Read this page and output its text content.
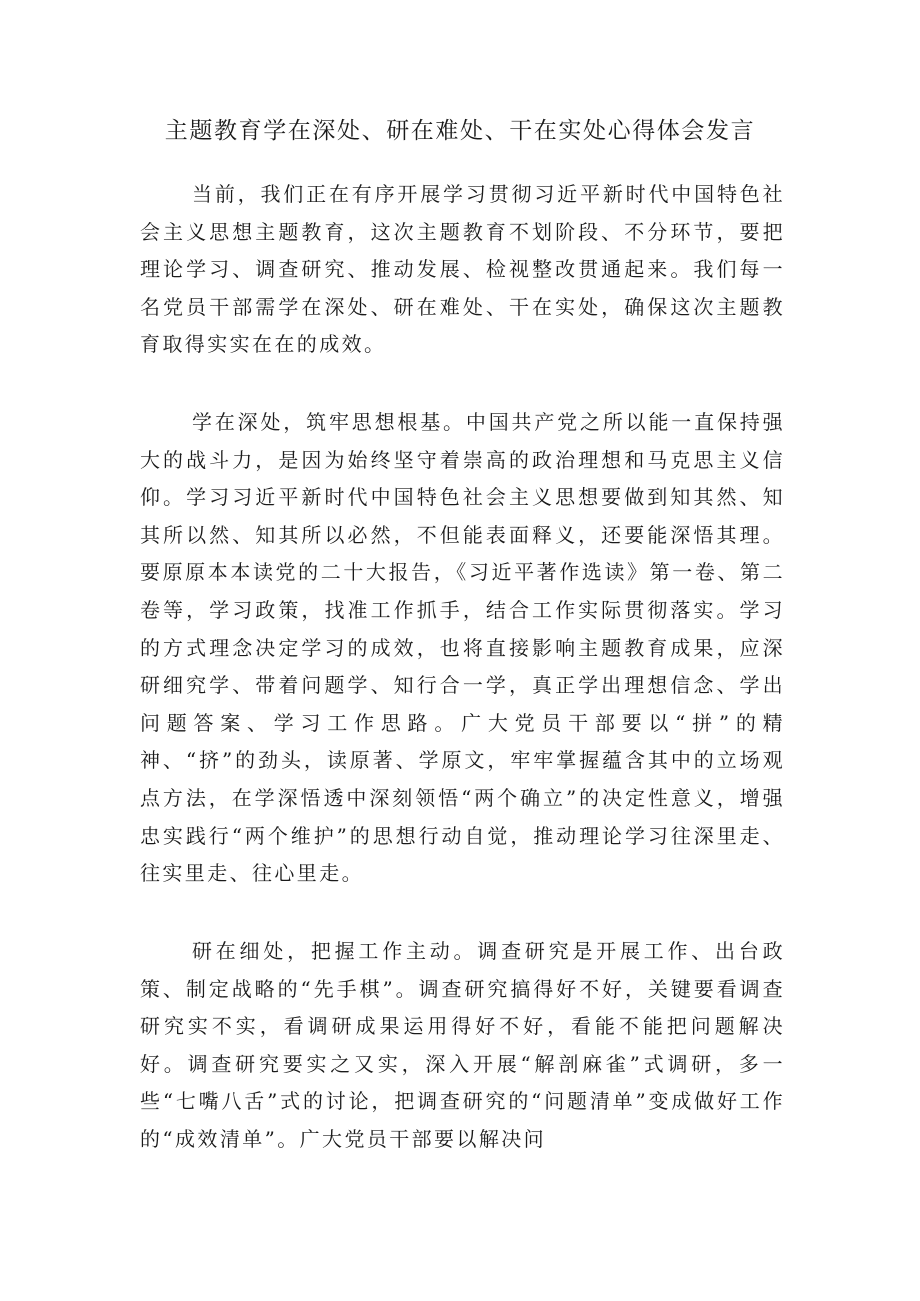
主题教育学在深处、研在难处、干在实处心得体会发言

当前，我们正在有序开展学习贯彻习近平新时代中国特色社会主义思想主题教育，这次主题教育不划阶段、不分环节，要把理论学习、调查研究、推动发展、检视整改贯通起来。我们每一名党员干部需学在深处、研在难处、干在实处，确保这次主题教育取得实实在在的成效。

学在深处，筑牢思想根基。中国共产党之所以能一直保持强大的战斗力，是因为始终坚守着崇高的政治理想和马克思主义信仰。学习习近平新时代中国特色社会主义思想要做到知其然、知其所以然、知其所以必然，不但能表面释义，还要能深悟其理。要原原本本读党的二十大报告，《习近平著作选读》第一卷、第二卷等，学习政策，找准工作抓手，结合工作实际贯彻落实。学习的方式理念决定学习的成效，也将直接影响主题教育成果，应深研细究学、带着问题学、知行合一学，真正学出理想信念、学出问题答案、学习工作思路。广大党员干部要以“拼”的精神、“挤”的劲头，读原著、学原文，牢牢掌握蕴含其中的立场观点方法，在学深悟透中深刻领悟“两个确立”的决定性意义，增强忠实践行“两个维护”的思想行动自觉，推动理论学习往深里走、往实里走、往心里走。

研在细处，把握工作主动。调查研究是开展工作、出台政策、制定战略的“先手棋”。调查研究搞得好不好，关键要看调查研究实不实，看调研成果运用得好不好，看能不能把问题解决好。调查研究要实之又实，深入开展“解剖麻雀”式调研，多一些“七嘴八舌”式的讨论，把调查研究的“问题清单”变成做好工作的“成效清单”。广大党员干部要以解决问
